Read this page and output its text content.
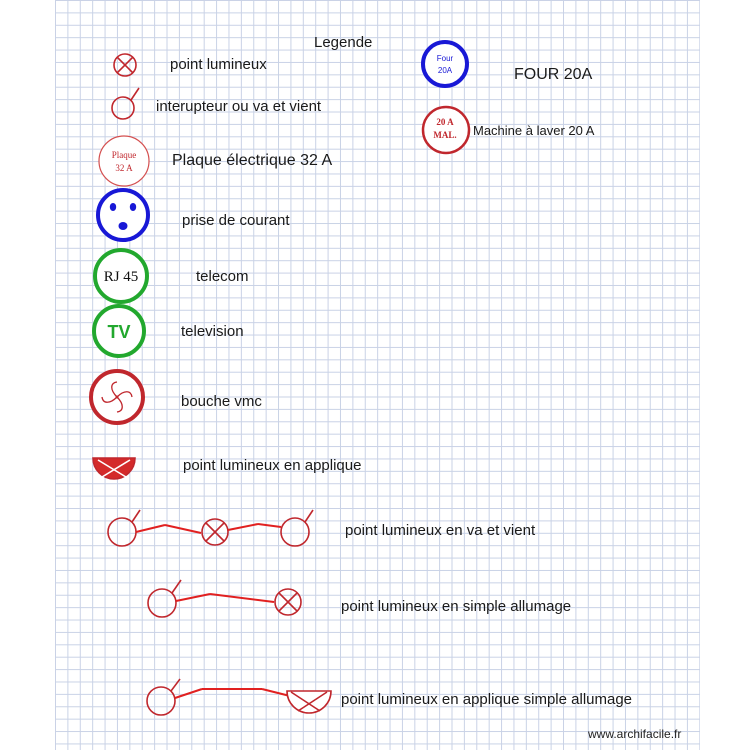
Plaque
32 A
RJ 45
TV
Four
20A
20 A
MAL.
Legende
point lumineux
interupteur ou va et vient
Plaque électrique 32 A
prise de courant
telecom
television
bouche vmc
point lumineux en applique
point lumineux en va et vient
point lumineux en simple allumage
point lumineux en applique simple allumage
FOUR 20A
Machine à laver 20 A
www.archifacile.fr
